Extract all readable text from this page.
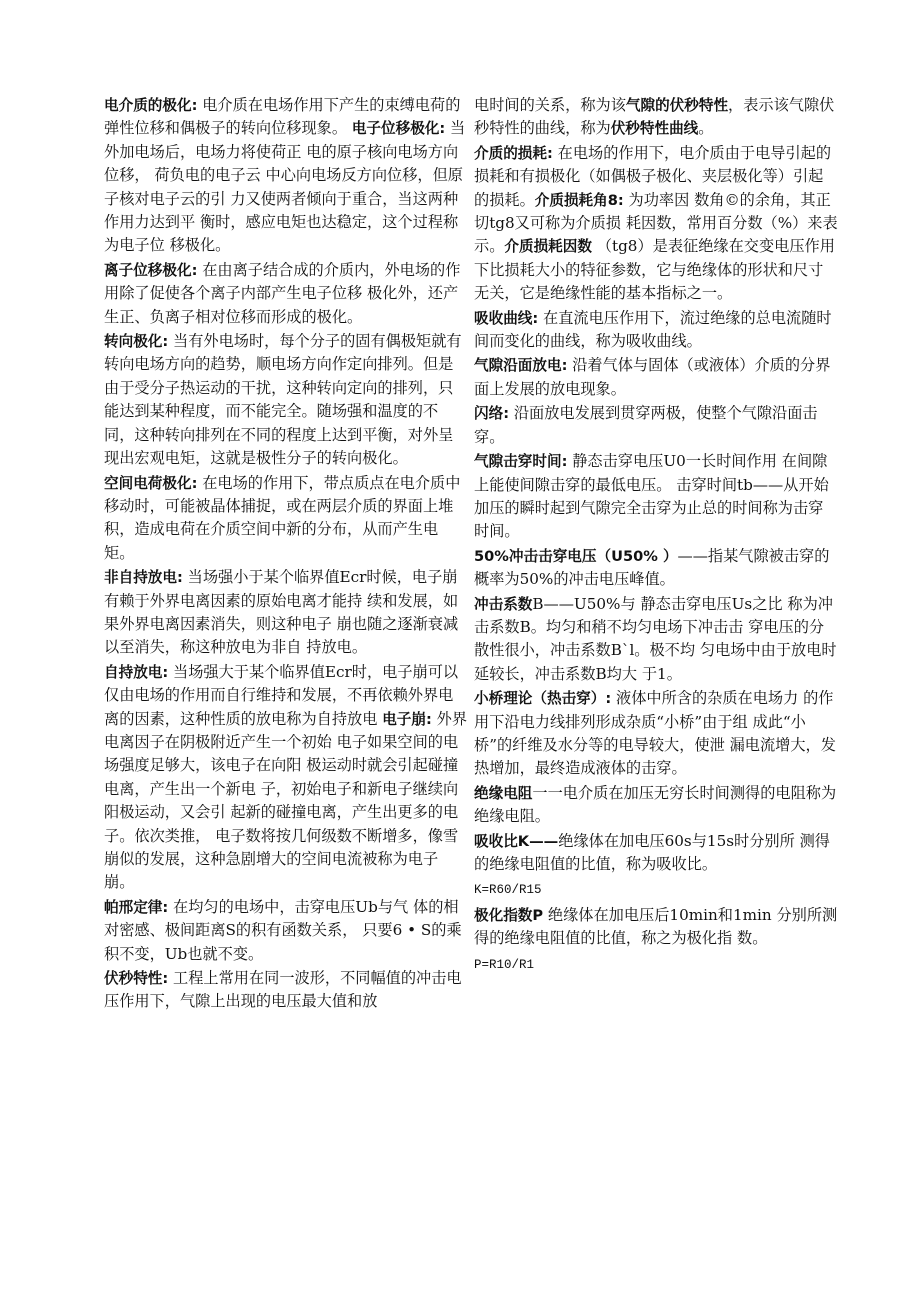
电介质的极化: 电介质在电场作用下产生的束缚电荷的弹性位移和偶极子的转向位移现象。 电子位移极化: 当外加电场后，电场力将使荷正 电的原子核向电场方向位移， 荷负电的电子云 中心向电场反方向位移，但原子核对电子云的引 力又使两者倾向于重合，当这两种作用力达到平 衡时，感应电矩也达稳定，这个过程称为电子位 移极化。

离子位移极化: 在由离子结合成的介质内，外电场的作用除了促使各个离子内部产生电子位移 极化外，还产生正、负离子相对位移而形成的极化。

转向极化: 当有外电场时，每个分子的固有偶极矩就有转向电场方向的趋势，顺电场方向作定向排列。但是由于受分子热运动的干扰，这种转向定向的排列，只能达到某种程度，而不能完全。随场强和温度的不同，这种转向排列在不同的程度上达到平衡，对外呈现出宏观电矩，这就是极性分子的转向极化。

空间电荷极化: 在电场的作用下，带点质点在电介质中移动时，可能被晶体捕捉，或在两层介质的界面上堆积，造成电荷在介质空间中新的分布，从而产生电矩。

非自持放电: 当场强小于某个临界值Ecr时候，电子崩有赖于外界电离因素的原始电离才能持 续和发展，如果外界电离因素消失，则这种电子 崩也随之逐渐衰减以至消失，称这种放电为非自 持放电。

自持放电: 当场强大于某个临界值Ecr时，电子崩可以仅由电场的作用而自行维持和发展，不再依赖外界电离的因素，这种性质的放电称为自持放电 电子崩: 外界电离因子在阴极附近产生一个初始 电子如果空间的电场强度足够大，该电子在向阳 极运动时就会引起碰撞电离，产生出一个新电 子，初始电子和新电子继续向阳极运动，又会引 起新的碰撞电离，产生出更多的电子。依次类推， 电子数将按几何级数不断增多，像雪崩似的发展，这种急剧增大的空间电流被称为电子崩。

帕邢定律: 在均匀的电场中，击穿电压Ub与气 体的相对密感、极间距离S的积有函数关系， 只要6 • S的乘积不变，Ub也就不变。

伏秒特性: 工程上常用在同一波形，不同幅值的冲击电压作用下，气隙上出现的电压最大值和放

电时间的关系，称为该气隙的伏秒特性，表示该气隙伏秒特性的曲线，称为伏秒特性曲线。

介质的损耗: 在电场的作用下，电介质由于电导引起的损耗和有损极化（如偶极子极化、夹层极化等）引起的损耗。介质损耗角8: 为功率因 数角©的余角，其正切tg8又可称为介质损 耗因数，常用百分数（%）来表示。介质损耗因数 （tg8）是表征绝缘在交变电压作用下比损耗大小的特征参数，它与绝缘体的形状和尺寸无关，它是绝缘性能的基本指标之一。

吸收曲线: 在直流电压作用下，流过绝缘的总电流随时间而变化的曲线，称为吸收曲线。

气隙沿面放电: 沿着气体与固体（或液体）介质的分界面上发展的放电现象。

闪络: 沿面放电发展到贯穿两极，使整个气隙沿面击穿。

气隙击穿时间: 静态击穿电压U0一长时间作用 在间隙上能使间隙击穿的最低电压。 击穿时间tb——从开始加压的瞬时起到气隙完全击穿为止总的时间称为击穿时间。

50%冲击击穿电压（U50% ）——指某气隙被击穿的概率为50%的冲击电压峰值。

冲击系数B——U50%与 静态击穿电压Us之比 称为冲击系数B。均匀和稍不均匀电场下冲击击 穿电压的分散性很小，冲击系数B`l。极不均 匀电场中由于放电时延较长，冲击系数B均大 于1。

小桥理论（热击穿）: 液体中所含的杂质在电场力 的作用下沿电力线排列形成杂质“小桥”由于组 成此“小桥”的纤维及水分等的电导较大，使泄 漏电流增大，发热增加，最终造成液体的击穿。

绝缘电阻一一电介质在加压无穷长时间测得的电阻称为绝缘电阻。

吸收比K——绝缘体在加电压60s与15s时分别所 测得的绝缘电阻值的比值，称为吸收比。

K=R60/R15

极化指数P 绝缘体在加电压后10min和1min 分别所测得的绝缘电阻值的比值，称之为极化指 数。

P=R10/R1
